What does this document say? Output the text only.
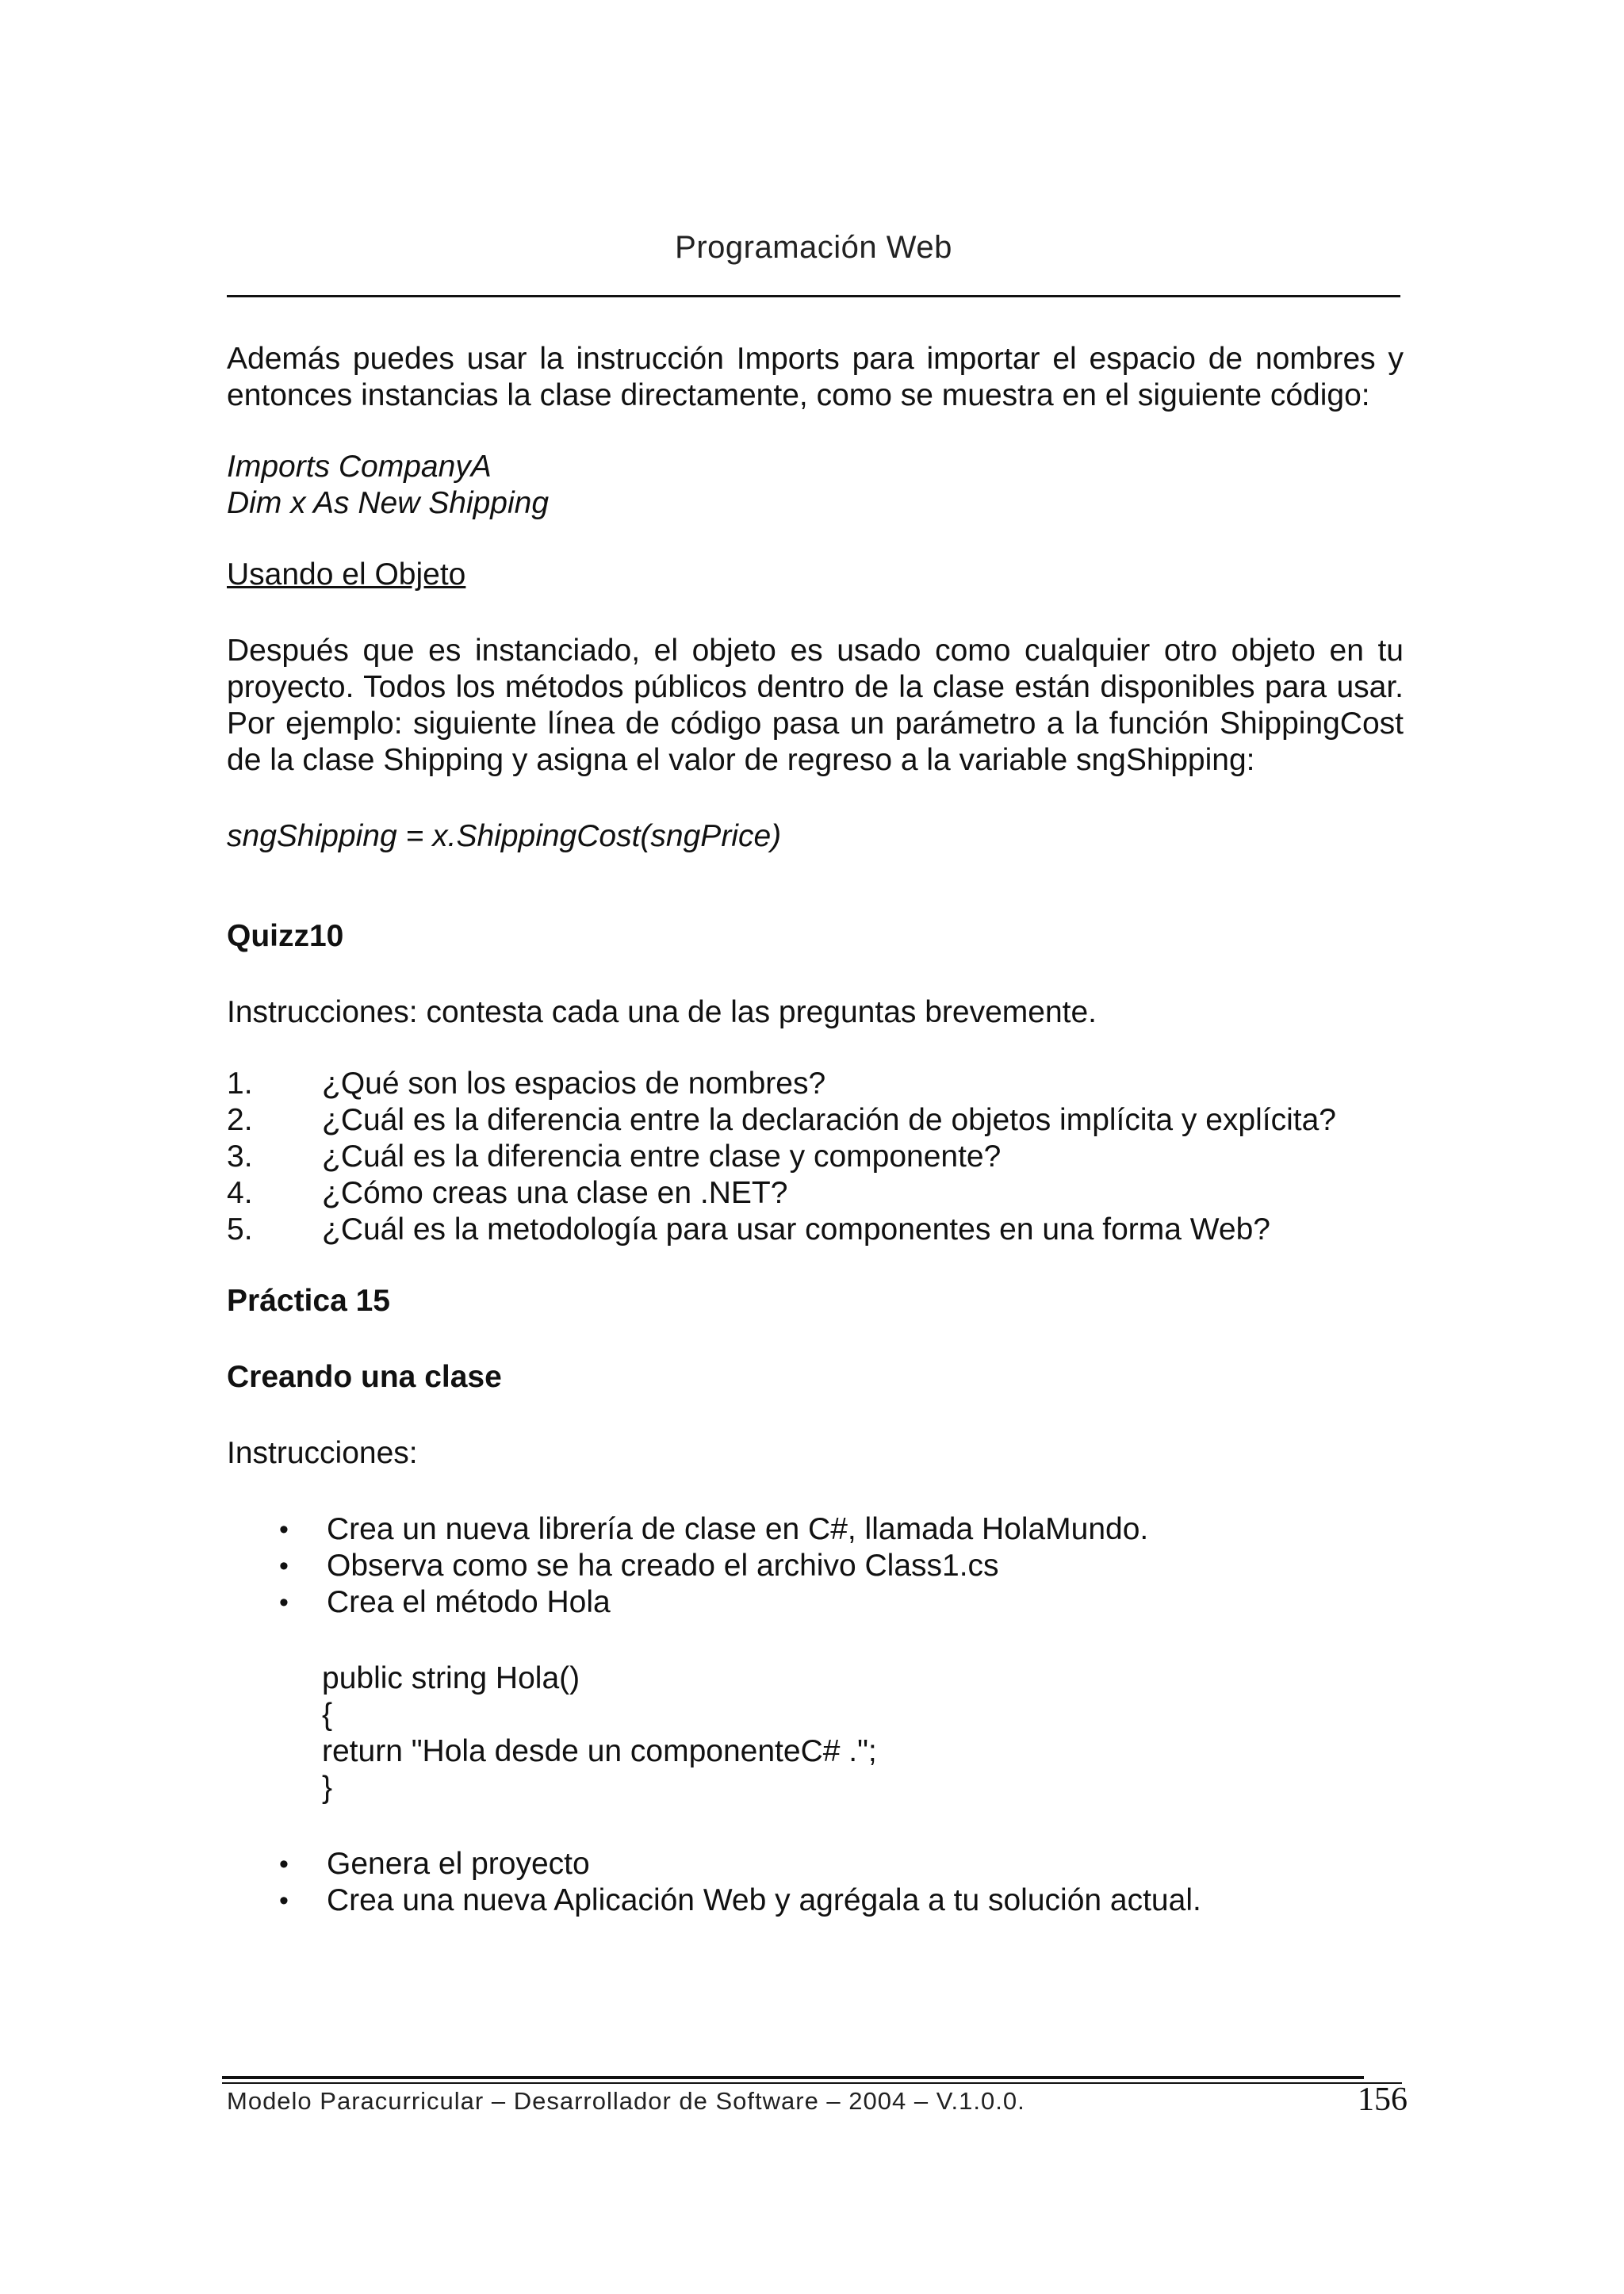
Programación Web

Además puedes usar la instrucción Imports para importar el espacio de nombres y entonces instancias la clase directamente, como se muestra en el siguiente código:

Imports CompanyA

Dim x As New Shipping

Usando el Objeto

Después que es instanciado, el objeto es usado como cualquier otro objeto en tu proyecto. Todos los métodos públicos dentro de la clase están disponibles para usar. Por ejemplo: siguiente línea de código pasa un parámetro a la función ShippingCost de la clase Shipping y asigna el valor de regreso a la variable sngShipping:

sngShipping = x.ShippingCost(sngPrice)

Quizz10

Instrucciones: contesta cada una de las preguntas brevemente.

1.	¿Qué son los espacios de nombres?
2.	¿Cuál es la diferencia entre la declaración de objetos implícita y explícita?
3.	¿Cuál es la diferencia entre clase y componente?
4.	¿Cómo creas una clase en .NET?
5.	¿Cuál es la metodología para usar componentes en una forma Web?

Práctica 15

Creando una clase

Instrucciones:

•	Crea un nueva librería de clase en C#, llamada HolaMundo.
•	Observa como se ha creado el archivo Class1.cs
•	Crea el método Hola

public string Hola()

{

return "Hola desde un componenteC# .";

}

•	Genera el proyecto
•	Crea una nueva Aplicación Web y agrégala a tu solución actual.
Modelo Paracurricular – Desarrollador de Software – 2004 – V.1.0.0.	156
